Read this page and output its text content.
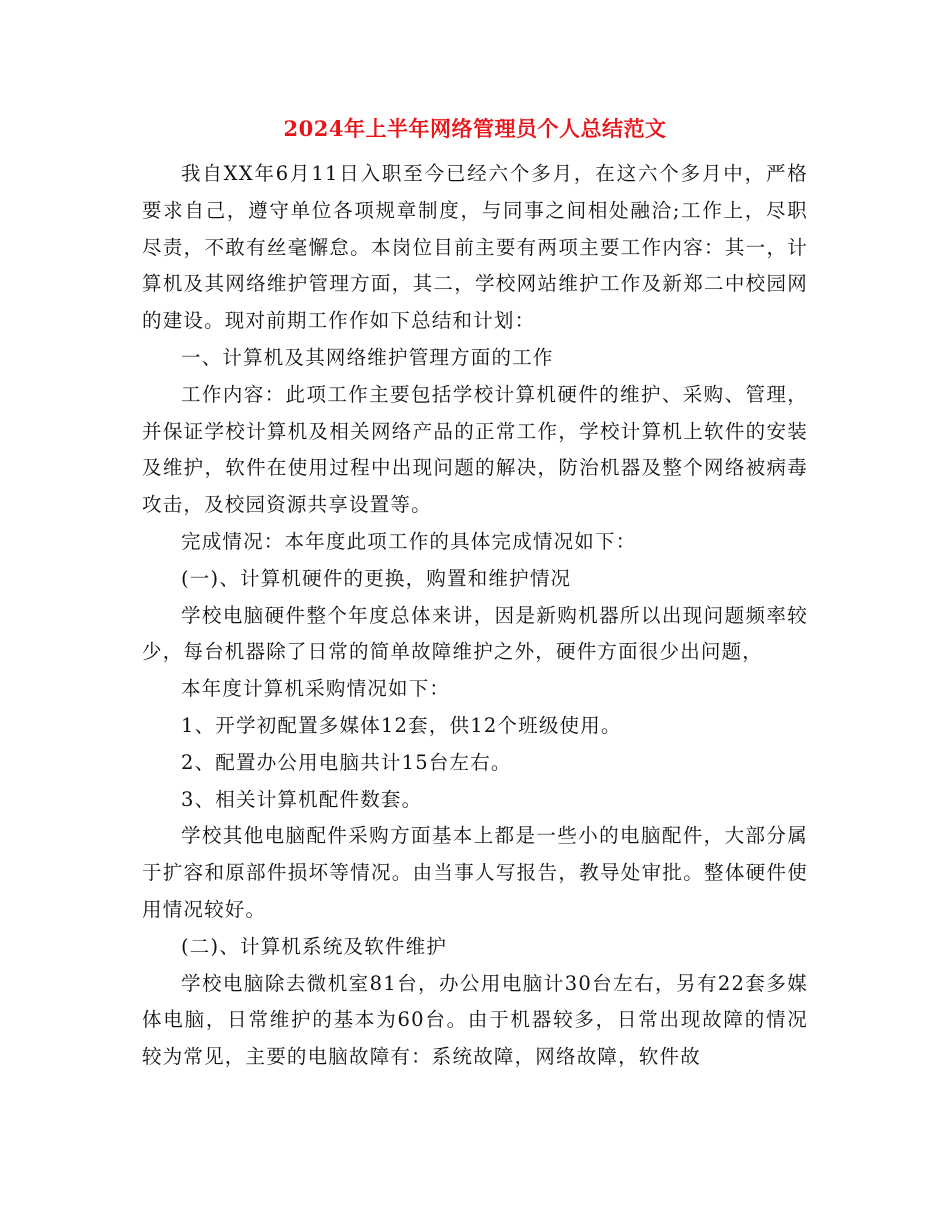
2024年上半年网络管理员个人总结范文

我自XX年6月11日入职至今已经六个多月，在这六个多月中，严格要求自己，遵守单位各项规章制度，与同事之间相处融洽;工作上，尽职尽责，不敢有丝毫懈怠。本岗位目前主要有两项主要工作内容：其一，计算机及其网络维护管理方面，其二，学校网站维护工作及新郑二中校园网的建设。现对前期工作作如下总结和计划：

一、计算机及其网络维护管理方面的工作

工作内容：此项工作主要包括学校计算机硬件的维护、采购、管理，并保证学校计算机及相关网络产品的正常工作，学校计算机上软件的安装及维护，软件在使用过程中出现问题的解决，防治机器及整个网络被病毒攻击，及校园资源共享设置等。

完成情况：本年度此项工作的具体完成情况如下：

(一)、计算机硬件的更换，购置和维护情况

学校电脑硬件整个年度总体来讲，因是新购机器所以出现问题频率较少，每台机器除了日常的简单故障维护之外，硬件方面很少出问题，

本年度计算机采购情况如下：

1、开学初配置多媒体12套，供12个班级使用。

2、配置办公用电脑共计15台左右。

3、相关计算机配件数套。

学校其他电脑配件采购方面基本上都是一些小的电脑配件，大部分属于扩容和原部件损坏等情况。由当事人写报告，教导处审批。整体硬件使用情况较好。

(二)、计算机系统及软件维护

学校电脑除去微机室81台，办公用电脑计30台左右，另有22套多媒体电脑，日常维护的基本为60台。由于机器较多，日常出现故障的情况较为常见，主要的电脑故障有：系统故障，网络故障，软件故
